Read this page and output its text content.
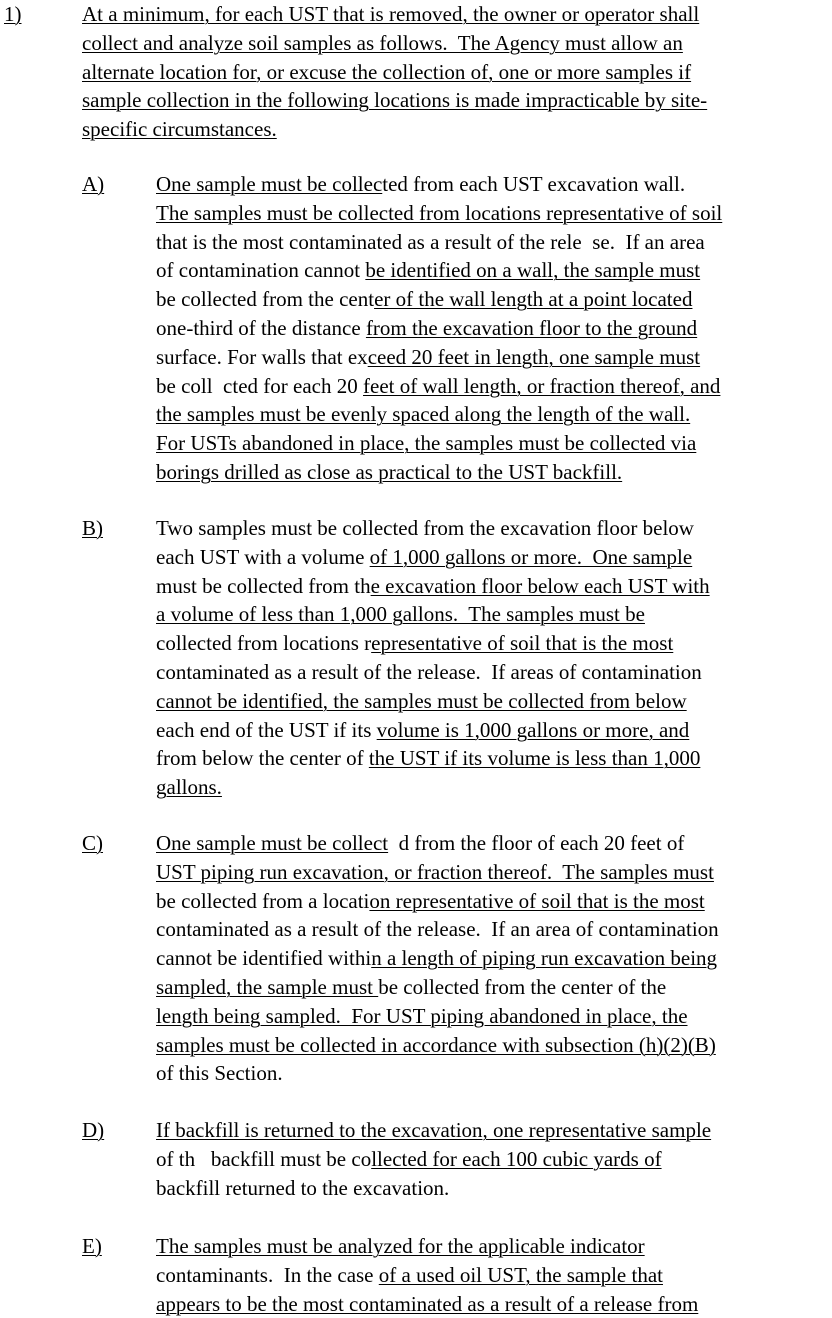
1)	At a minimum, for each UST that is removed, the owner or operator shall
collect and analyze soil samples as follows.  The Agency must allow an
alternate location for, or excuse the collection of, one or more samples if
sample collection in the following locations is made impracticable by site-
specific circumstances.
A) One sample must be collected from each UST excavation wall.
The samples must be collected from locations representative of soil
that is the most contaminated as a result of the rele  se.  If an area
of contamination cannot be identified on a wall, the sample must
be collected from the center of the wall length at a point located
one-third of the distance from the excavation floor to the ground
surface. For walls that exceed 20 feet in length, one sample must
be coll  cted for each 20 feet of wall length, or fraction thereof, and
the samples must be evenly spaced along the length of the wall.
For USTs abandoned in place, the samples must be collected via
borings drilled as close as practical to the UST backfill.
B)	Two samples must be collected from the excavation floor below
each UST with a volume of 1,000 gallons or more.  One sample
must be collected from the excavation floor below each UST with
a volume of less than 1,000 gallons.  The samples must be
collected from locations representative of soil that is the most
contaminated as a result of the release.  If areas of contamination
cannot be identified, the samples must be collected from below
each end of the UST if its volume is 1,000 gallons or more, and
from below the center of the UST if its volume is less than 1,000
gallons.
C)	One sample must be collect  d from the floor of each 20 feet of
UST piping run excavation, or fraction thereof.  The samples must
be collected from a location representative of soil that is the most
contaminated as a result of the release.  If an area of contamination
cannot be identified within a length of piping run excavation being
sampled, the sample must be collected from the center of the
length being sampled.  For UST piping abandoned in place, the
samples must be collected in accordance with subsection (h)(2)(B)
of this Section.
D) If backfill is returned to the excavation, one representative sample
of th   backfill must be collected for each 100 cubic yards of
backfill returned to the excavation.
E)	The samples must be analyzed for the applicable indicator
contaminants.  In the case of a used oil UST, the sample that
appears to be the most contaminated as a result of a release from
